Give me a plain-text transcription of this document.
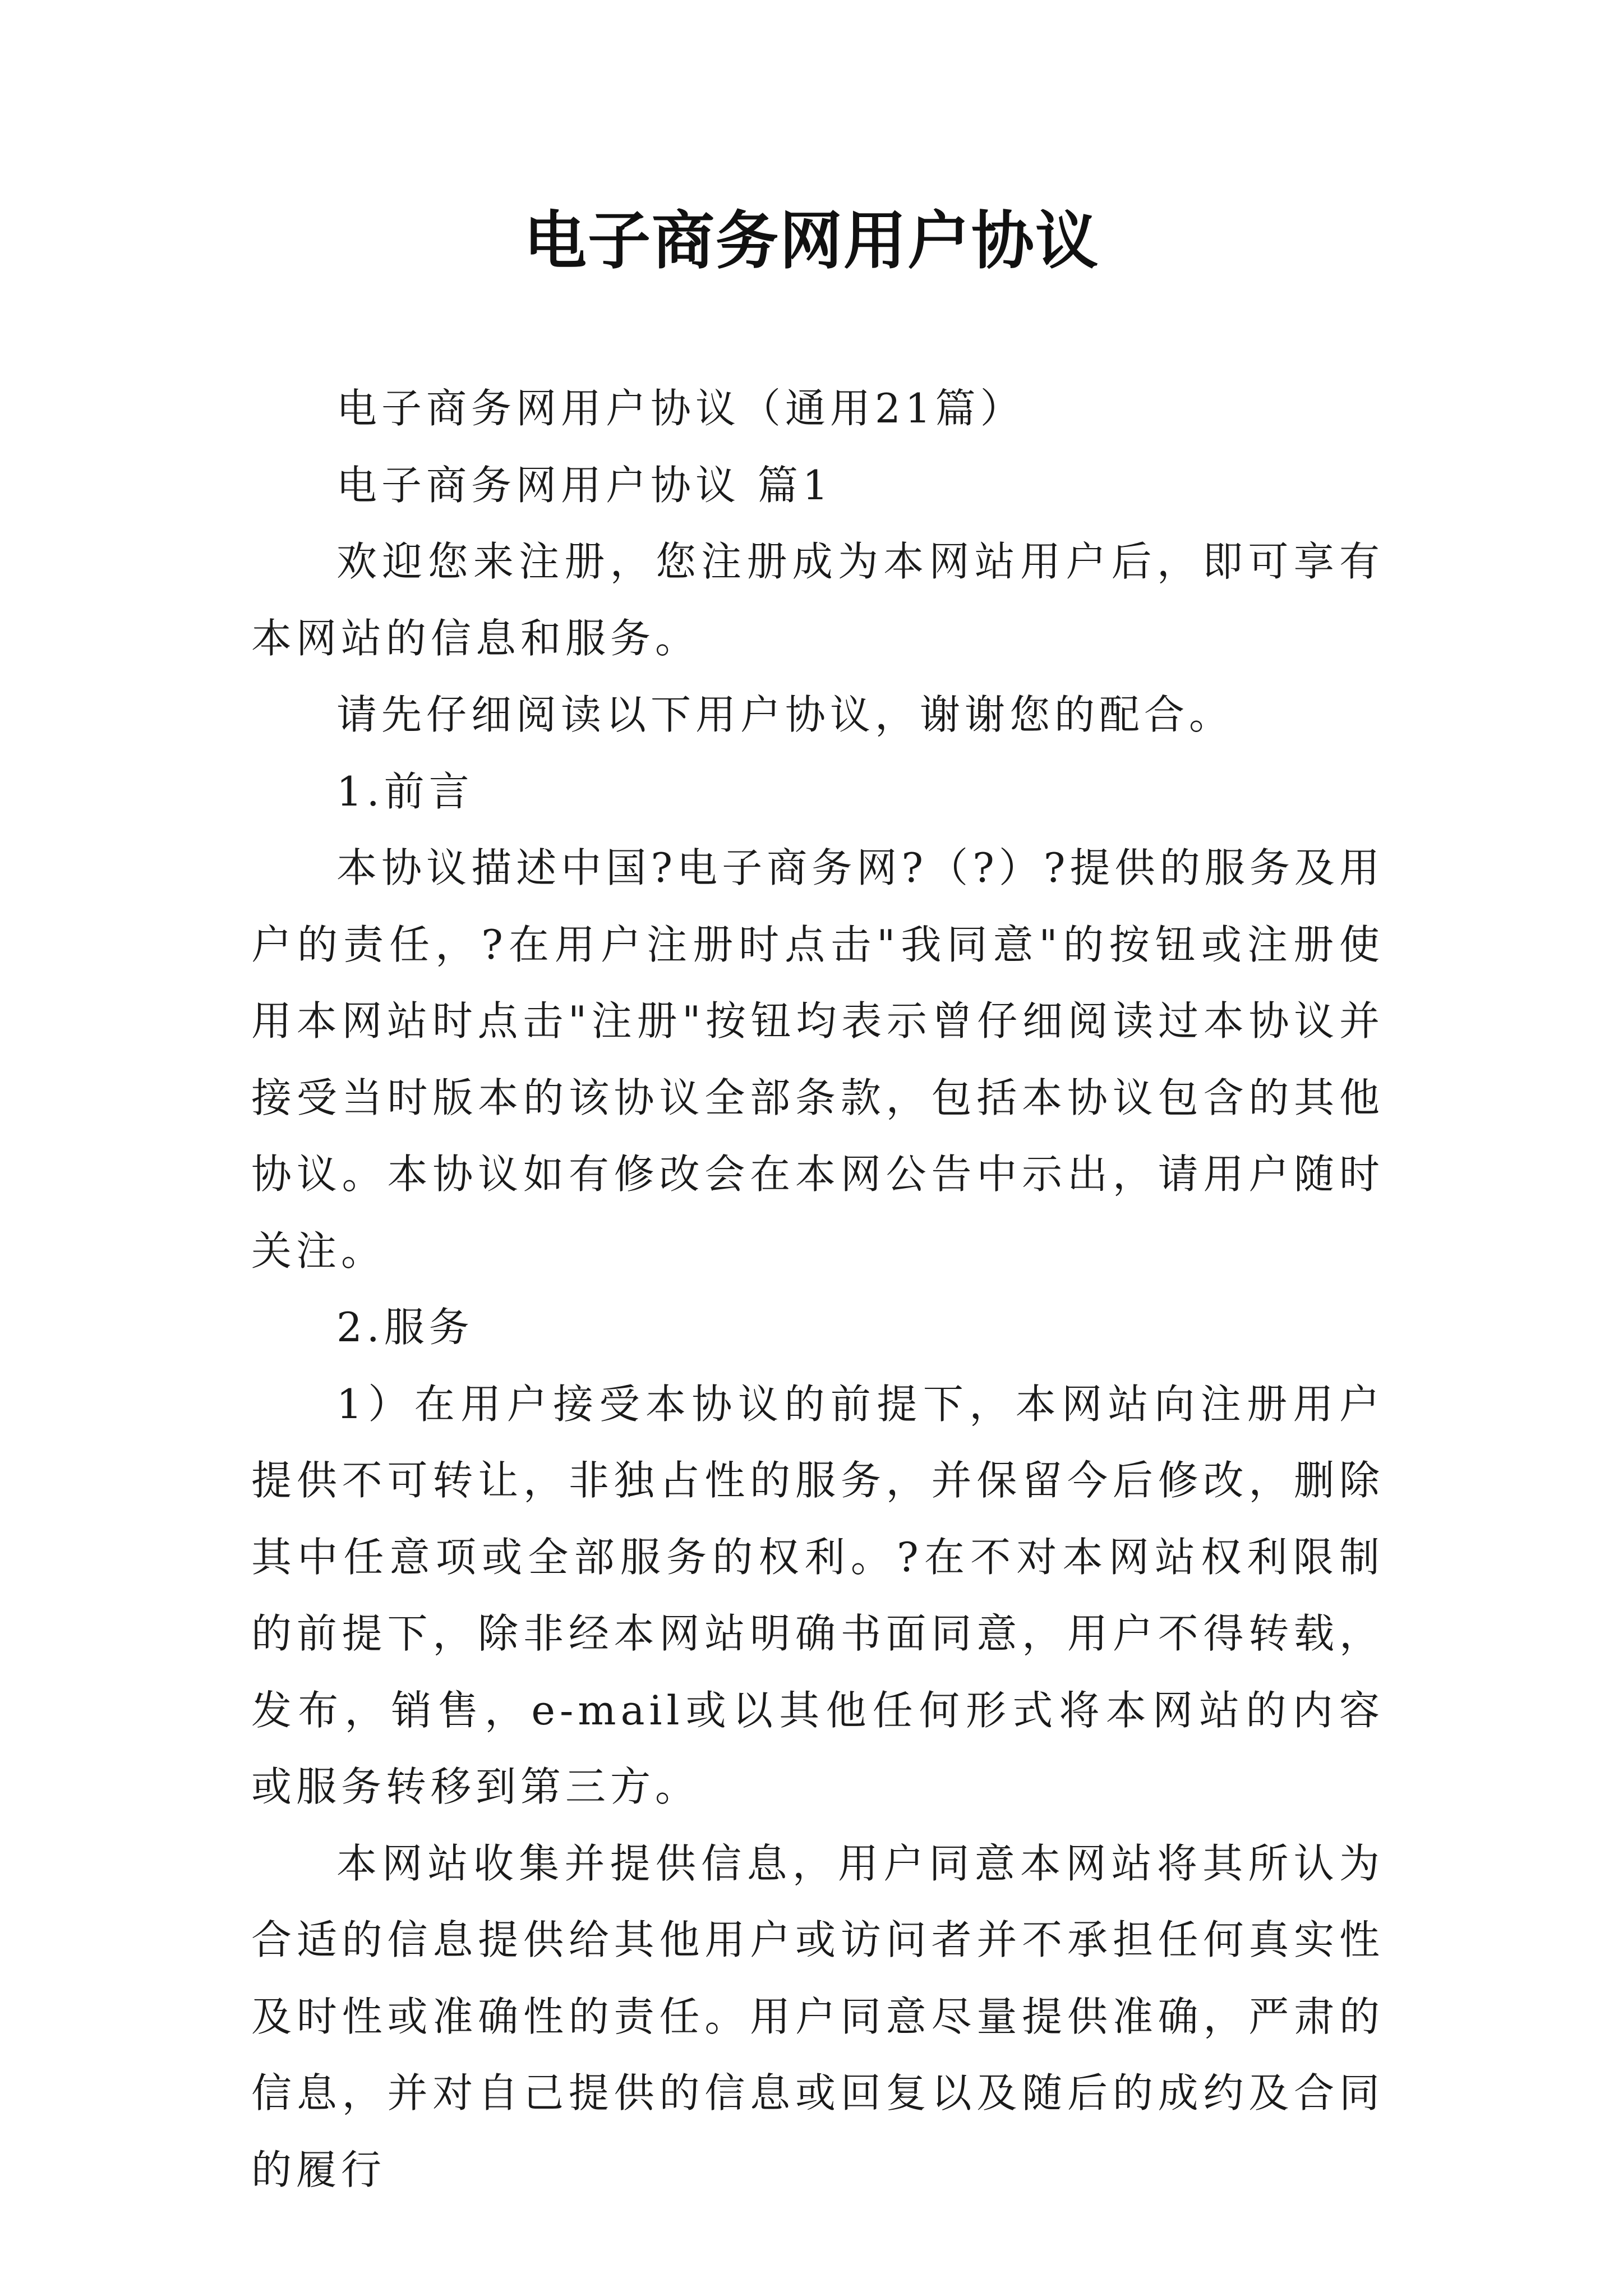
电子商务网用户协议

电子商务网用户协议（通用21篇）

电子商务网用户协议 篇1

欢迎您来注册，您注册成为本网站用户后，即可享有本网站的信息和服务。

请先仔细阅读以下用户协议，谢谢您的配合。

1.前言

本协议描述中国?电子商务网?（?）?提供的服务及用户的责任，?在用户注册时点击"我同意"的按钮或注册使用本网站时点击"注册"按钮均表示曾仔细阅读过本协议并接受当时版本的该协议全部条款，包括本协议包含的其他协议。本协议如有修改会在本网公告中示出，请用户随时关注。

2.服务

1）在用户接受本协议的前提下，本网站向注册用户提供不可转让，非独占性的服务，并保留今后修改，删除其中任意项或全部服务的权利。?在不对本网站权利限制的前提下，除非经本网站明确书面同意，用户不得转载，发布，销售，e-mail或以其他任何形式将本网站的内容或服务转移到第三方。

本网站收集并提供信息，用户同意本网站将其所认为合适的信息提供给其他用户或访问者并不承担任何真实性及时性或准确性的责任。用户同意尽量提供准确，严肃的信息，并对自己提供的信息或回复以及随后的成约及合同的履行
